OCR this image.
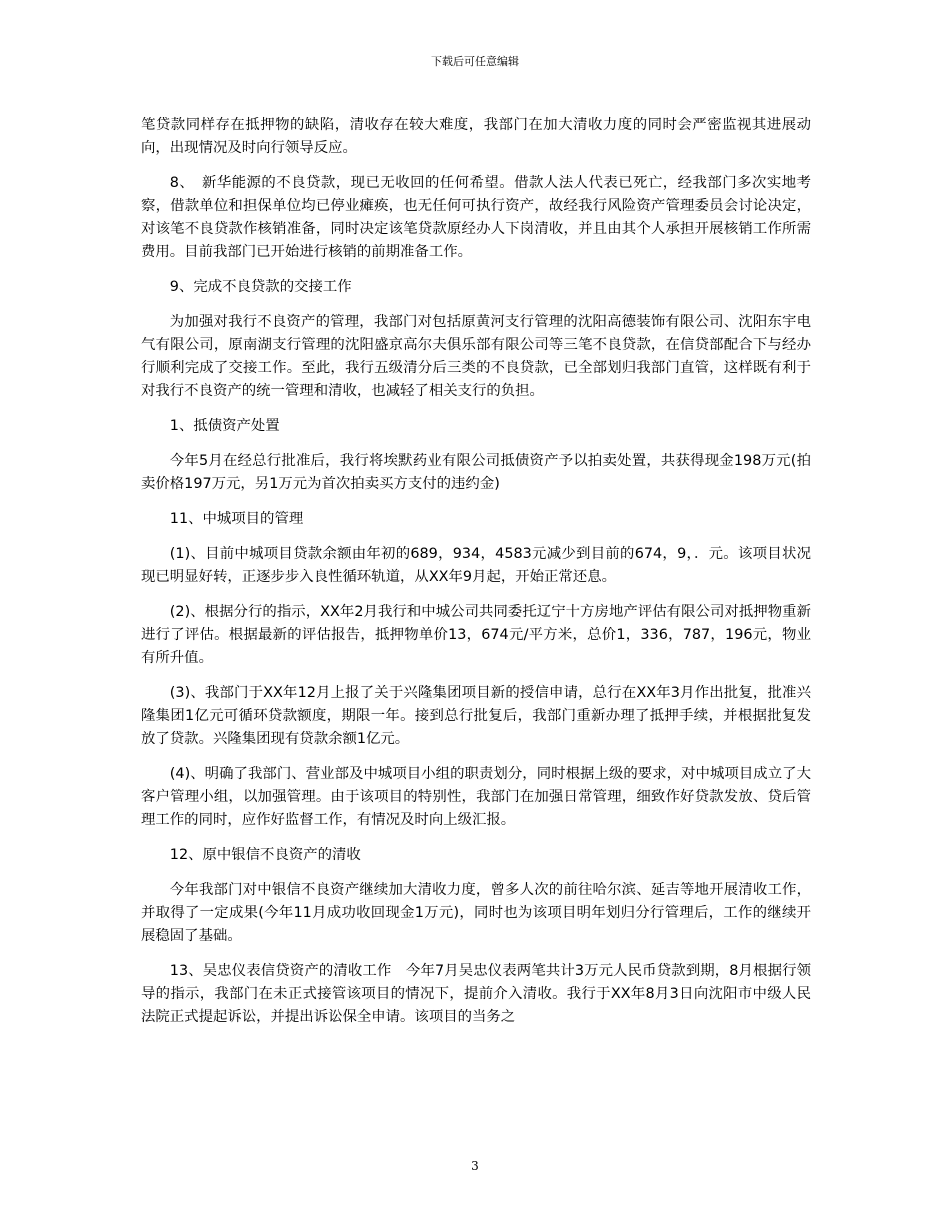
下载后可任意编辑

笔贷款同样存在抵押物的缺陷，清收存在较大难度，我部门在加大清收力度的同时会严密监视其进展动向，出现情况及时向行领导反应。

8、　新华能源的不良贷款，现已无收回的任何希望。借款人法人代表已死亡，经我部门多次实地考察，借款单位和担保单位均已停业瘫痪，也无任何可执行资产，故经我行风险资产管理委员会讨论决定，对该笔不良贷款作核销准备，同时决定该笔贷款原经办人下岗清收，并且由其个人承担开展核销工作所需费用。目前我部门已开始进行核销的前期准备工作。

9、完成不良贷款的交接工作

为加强对我行不良资产的管理，我部门对包括原黄河支行管理的沈阳高德装饰有限公司、沈阳东宇电气有限公司，原南湖支行管理的沈阳盛京高尔夫俱乐部有限公司等三笔不良贷款，在信贷部配合下与经办行顺利完成了交接工作。至此，我行五级清分后三类的不良贷款，已全部划归我部门直管，这样既有利于对我行不良资产的统一管理和清收，也减轻了相关支行的负担。

1、抵债资产处置

今年5月在经总行批准后，我行将埃默药业有限公司抵债资产予以拍卖处置，共获得现金198万元(拍卖价格197万元，另1万元为首次拍卖买方支付的违约金)

11、中城项目的管理

(1)、目前中城项目贷款余额由年初的689，934，4583元减少到目前的674，9，．元。该项目状况现已明显好转，正逐步步入良性循环轨道，从XX年9月起，开始正常还息。

(2)、根据分行的指示，XX年2月我行和中城公司共同委托辽宁十方房地产评估有限公司对抵押物重新进行了评估。根据最新的评估报告，抵押物单价13，674元/平方米，总价1，336，787，196元，物业有所升值。

(3)、我部门于XX年12月上报了关于兴隆集团项目新的授信申请，总行在XX年3月作出批复，批准兴隆集团1亿元可循环贷款额度，期限一年。接到总行批复后，我部门重新办理了抵押手续，并根据批复发放了贷款。兴隆集团现有贷款余额1亿元。

(4)、明确了我部门、营业部及中城项目小组的职责划分，同时根据上级的要求，对中城项目成立了大客户管理小组，以加强管理。由于该项目的特别性，我部门在加强日常管理，细致作好贷款发放、贷后管理工作的同时，应作好监督工作，有情况及时向上级汇报。

12、原中银信不良资产的清收

今年我部门对中银信不良资产继续加大清收力度，曾多人次的前往哈尔滨、延吉等地开展清收工作，并取得了一定成果(今年11月成功收回现金1万元)，同时也为该项目明年划归分行管理后，工作的继续开展稳固了基础。

13、吴忠仪表信贷资产的清收工作　今年7月吴忠仪表两笔共计3万元人民币贷款到期，8月根据行领导的指示，我部门在未正式接管该项目的情况下，提前介入清收。我行于XX年8月3日向沈阳市中级人民法院正式提起诉讼，并提出诉讼保全申请。该项目的当务之

3
